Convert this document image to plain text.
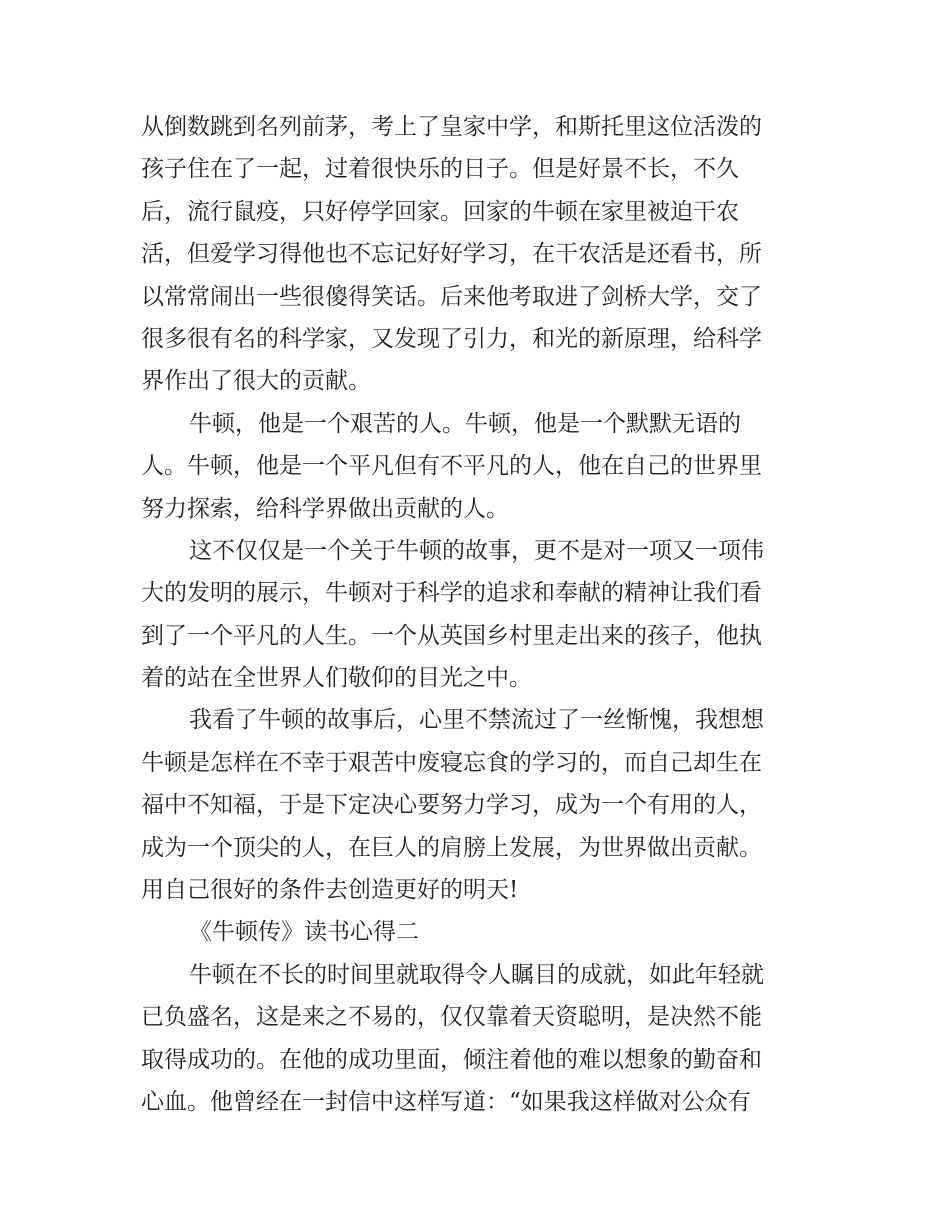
从倒数跳到名列前茅，考上了皇家中学，和斯托里这位活泼的
孩子住在了一起，过着很快乐的日子。但是好景不长，不久
后，流行鼠疫，只好停学回家。回家的牛顿在家里被迫干农
活，但爱学习得他也不忘记好好学习，在干农活是还看书，所
以常常闹出一些很傻得笑话。后来他考取进了剑桥大学，交了
很多很有名的科学家，又发现了引力，和光的新原理，给科学
界作出了很大的贡献。
牛顿，他是一个艰苦的人。牛顿，他是一个默默无语的
人。牛顿，他是一个平凡但有不平凡的人，他在自己的世界里
努力探索，给科学界做出贡献的人。
这不仅仅是一个关于牛顿的故事，更不是对一项又一项伟
大的发明的展示，牛顿对于科学的追求和奉献的精神让我们看
到了一个平凡的人生。一个从英国乡村里走出来的孩子，他执
着的站在全世界人们敬仰的目光之中。
我看了牛顿的故事后，心里不禁流过了一丝惭愧，我想想
牛顿是怎样在不幸于艰苦中废寝忘食的学习的，而自己却生在
福中不知福，于是下定决心要努力学习，成为一个有用的人，
成为一个顶尖的人，在巨人的肩膀上发展，为世界做出贡献。
用自己很好的条件去创造更好的明天!
《牛顿传》读书心得二
牛顿在不长的时间里就取得令人瞩目的成就，如此年轻就
已负盛名，这是来之不易的，仅仅靠着天资聪明，是决然不能
取得成功的。在他的成功里面，倾注着他的难以想象的勤奋和
心血。他曾经在一封信中这样写道：“如果我这样做对公众有
